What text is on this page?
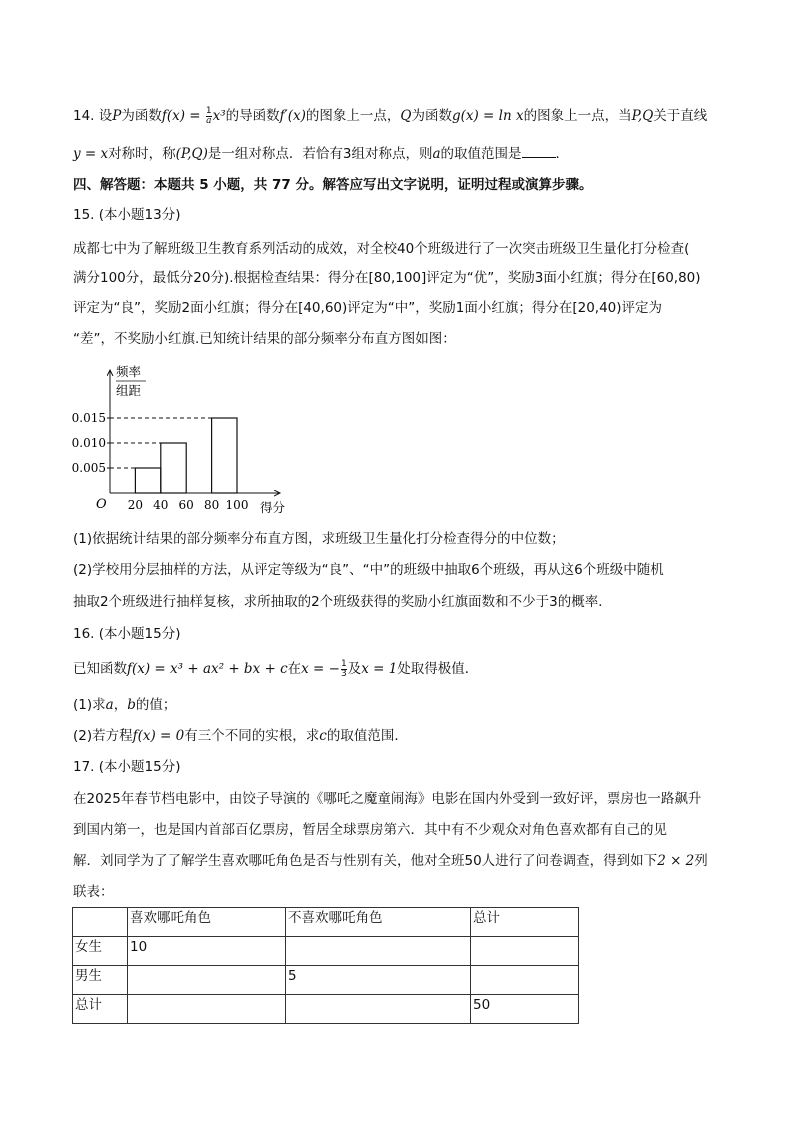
14. 设P为函数$f(x) = \frac{1}{a} x^3$的导函数f′(x)的图象上一点，Q为函数g(x) = ln x的图象上一点，当P,Q关于直线
y = x对称时，称(P,Q)是一组对称点．若恰有3组对称点，则a的取值范围是	．
四、解答题：本题共 5 小题，共 77 分。解答应写出文字说明，证明过程或演算步骤。
15. (本小题13分)
成都七中为了解班级卫生教育系列活动的成效，对全校40个班级进行了一次突击班级卫生量化打分检查(
满分100分，最低分20分).根据检查结果：得分在[80,100]评定为“优”，奖励3面小红旗；得分在[60,80)
评定为“良”，奖励2面小红旗；得分在[40,60)评定为“中”，奖励1面小红旗；得分在[20,40)评定为
“差”，不奖励小红旗.已知统计结果的部分频率分布直方图如图：
频率
组距
得分
O
0.005
0.010
0.015
20 40 60 80 100
(1)依据统计结果的部分频率分布直方图，求班级卫生量化打分检查得分的中位数；
(2)学校用分层抽样的方法，从评定等级为“良”、“中”的班级中抽取6个班级，再从这6个班级中随机
抽取2个班级进行抽样复核，求所抽取的2个班级获得的奖励小红旗面数和不少于3的概率．
16. (本小题15分)
已知函数f(x) = x³ + ax² + bx + c在x = − $\frac{1}{3}$ 及x = 1处取得极值．
(1)求a，b的值；
(2)若方程f(x) = 0有三个不同的实根，求c的取值范围．
17. (本小题15分)
在2025年春节档电影中，由饺子导演的《哪吒之魔童闹海》电影在国内外受到一致好评，票房也一路飙升
到国内第一，也是国内首部百亿票房，暂居全球票房第六．其中有不少观众对角色喜欢都有自己的见
解．刘同学为了了解学生喜欢哪吒角色是否与性别有关，他对全班50人进行了问卷调查，得到如下2 × 2列
联表：
	喜欢哪吒角色	不喜欢哪吒角色	总计
女生	10		
男生		5	
总计			50
